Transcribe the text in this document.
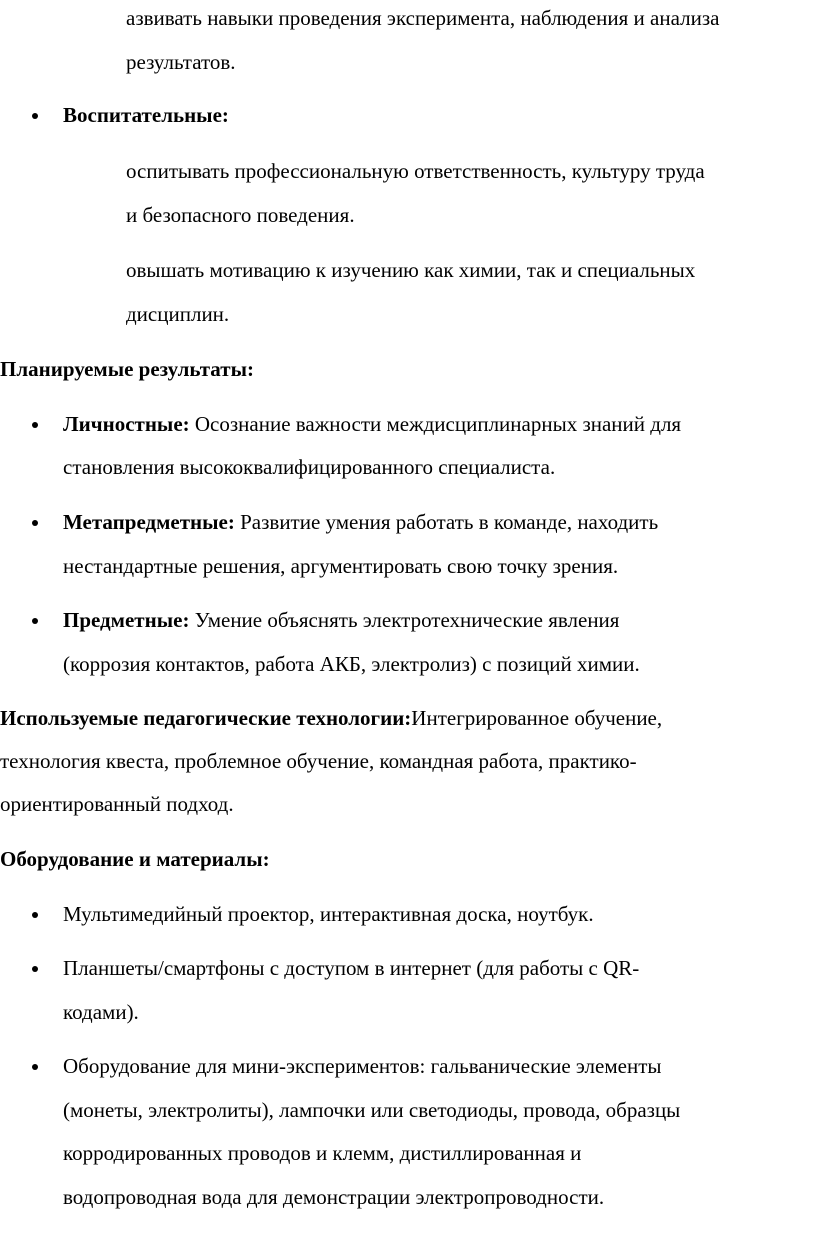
азвивать навыки проведения эксперимента, наблюдения и анализа
результатов.
Воспитательные:
оспитывать профессиональную ответственность, культуру труда
и безопасного поведения.
овышать мотивацию к изучению как химии, так и специальных
дисциплин.
Планируемые результаты:
Личностные: Осознание важности междисциплинарных знаний для
становления высококвалифицированного специалиста.
Метапредметные: Развитие умения работать в команде, находить
нестандартные решения, аргументировать свою точку зрения.
Предметные: Умение объяснять электротехнические явления
(коррозия контактов, работа АКБ, электролиз) с позиций химии.
Используемые педагогические технологии:Интегрированное обучение,
технология квеста, проблемное обучение, командная работа, практико-
ориентированный подход.
Оборудование и материалы:
Мультимедийный проектор, интерактивная доска, ноутбук.
Планшеты/смартфоны с доступом в интернет (для работы с QR-
кодами).
Оборудование для мини-экспериментов: гальванические элементы
(монеты, электролиты), лампочки или светодиоды, провода, образцы
корродированных проводов и клемм, дистиллированная и
водопроводная вода для демонстрации электропроводности.
